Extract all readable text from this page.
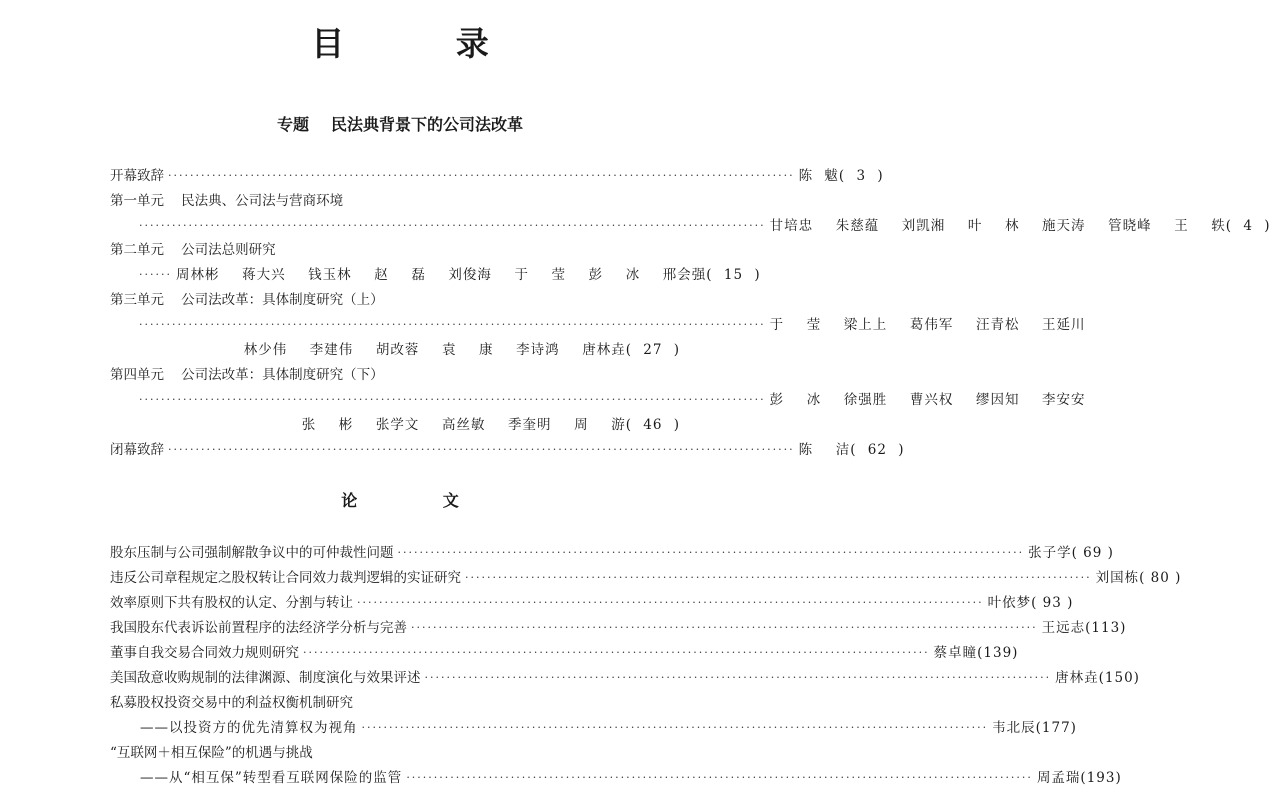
目 录
专题 民法典背景下的公司法改革
开幕致辞 ·················································································································· 陈 魃( 3 )
第一单元    民法典、公司法与营商环境
·················································································································· 甘培忠  朱慈蕴  刘凯湘  叶  林  施天涛  管晓峰  王  轶( 4 )
第二单元    公司法总则研究
······ 周林彬  蒋大兴  钱玉林  赵  磊  刘俊海  于  莹  彭  冰  邢会强( 15 )
第三单元    公司法改革：具体制度研究（上）
·················································································································· 于  莹  梁上上  葛伟军  汪青松  王延川
林少伟  李建伟  胡改蓉  袁  康  李诗鸿  唐林垚( 27 )
第四单元    公司法改革：具体制度研究（下）
·················································································································· 彭  冰  徐强胜  曹兴权  缪因知  李安安
张  彬  张学文  高丝敏  季奎明  周  游( 46 )
闭幕致辞 ·················································································································· 陈  洁( 62 )
论 文
股东压制与公司强制解散争议中的可仲裁性问题 ·················································································································· 张子学( 69 )
违反公司章程规定之股权转让合同效力裁判逻辑的实证研究 ·················································································································· 刘国栋( 80 )
效率原则下共有股权的认定、分割与转让 ·················································································································· 叶依梦( 93 )
我国股东代表诉讼前置程序的法经济学分析与完善 ·················································································································· 王远志(113)
董事自我交易合同效力规则研究 ·················································································································· 蔡卓瞳(139)
美国敌意收购规制的法律渊源、制度演化与效果评述 ·················································································································· 唐林垚(150)
私募股权投资交易中的利益权衡机制研究
——以投资方的优先清算权为视角 ·················································································································· 韦北辰(177)
“互联网＋相互保险”的机遇与挑战
——从“相互保”转型看互联网保险的监管 ·················································································································· 周孟瑞(193)
